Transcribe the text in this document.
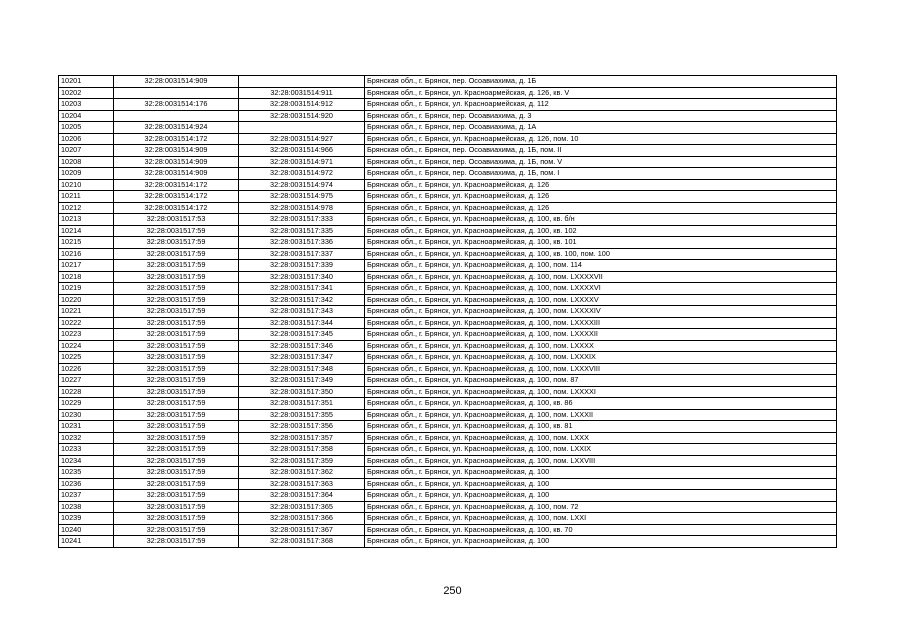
10201	32:28:0031514:909		Брянская обл., г. Брянск, пер. Осоавиахима, д. 1Б
10202		32:28:0031514:911	Брянская обл., г. Брянск, ул. Красноармейская, д. 126, кв. V
10203	32:28:0031514:176	32:28:0031514:912	Брянская обл., г. Брянск, ул. Красноармейская, д. 112
10204		32:28:0031514:920	Брянская обл., г. Брянск, пер. Осоавиахима, д. 3
10205	32:28:0031514:924		Брянская обл., г. Брянск, пер. Осоавиахима, д. 1А
10206	32:28:0031514:172	32:28:0031514:927	Брянская обл., г. Брянск, ул. Красноармейская, д. 126, пом. 10
10207	32:28:0031514:909	32:28:0031514:966	Брянская обл., г. Брянск, пер. Осоавиахима, д. 1Б, пом. II
10208	32:28:0031514:909	32:28:0031514:971	Брянская обл., г. Брянск, пер. Осоавиахима, д. 1Б, пом. V
10209	32:28:0031514:909	32:28:0031514:972	Брянская обл., г. Брянск, пер. Осоавиахима, д. 1Б, пом. I
10210	32:28:0031514:172	32:28:0031514:974	Брянская обл., г. Брянск, ул. Красноармейская, д. 126
10211	32:28:0031514:172	32:28:0031514:975	Брянская обл., г. Брянск, ул. Красноармейская, д. 126
10212	32:28:0031514:172	32:28:0031514:978	Брянская обл., г. Брянск, ул. Красноармейская, д. 126
10213	32:28:0031517:53	32:28:0031517:333	Брянская обл., г. Брянск, ул. Красноармейская, д. 100, кв. б/н
10214	32:28:0031517:59	32:28:0031517:335	Брянская обл., г. Брянск, ул. Красноармейская, д. 100, кв. 102
10215	32:28:0031517:59	32:28:0031517:336	Брянская обл., г. Брянск, ул. Красноармейская, д. 100, кв. 101
10216	32:28:0031517:59	32:28:0031517:337	Брянская обл., г. Брянск, ул. Красноармейская, д. 100, кв. 100, пом. 100
10217	32:28:0031517:59	32:28:0031517:339	Брянская обл., г. Брянск, ул. Красноармейская, д. 100, пом. 114
10218	32:28:0031517:59	32:28:0031517:340	Брянская обл., г. Брянск, ул. Красноармейская, д. 100, пом. LXXXXVII
10219	32:28:0031517:59	32:28:0031517:341	Брянская обл., г. Брянск, ул. Красноармейская, д. 100, пом. LXXXXVI
10220	32:28:0031517:59	32:28:0031517:342	Брянская обл., г. Брянск, ул. Красноармейская, д. 100, пом. LXXXXV
10221	32:28:0031517:59	32:28:0031517:343	Брянская обл., г. Брянск, ул. Красноармейская, д. 100, пом. LXXXXIV
10222	32:28:0031517:59	32:28:0031517:344	Брянская обл., г. Брянск, ул. Красноармейская, д. 100, пом. LXXXXIII
10223	32:28:0031517:59	32:28:0031517:345	Брянская обл., г. Брянск, ул. Красноармейская, д. 100, пом. LXXXXII
10224	32:28:0031517:59	32:28:0031517:346	Брянская обл., г. Брянск, ул. Красноармейская, д. 100, пом. LXXXX
10225	32:28:0031517:59	32:28:0031517:347	Брянская обл., г. Брянск, ул. Красноармейская, д. 100, пом. LXXXIX
10226	32:28:0031517:59	32:28:0031517:348	Брянская обл., г. Брянск, ул. Красноармейская, д. 100, пом. LXXXVIII
10227	32:28:0031517:59	32:28:0031517:349	Брянская обл., г. Брянск, ул. Красноармейская, д. 100, пом. 87
10228	32:28:0031517:59	32:28:0031517:350	Брянская обл., г. Брянск, ул. Красноармейская, д. 100, пом. LXXXXI
10229	32:28:0031517:59	32:28:0031517:351	Брянская обл., г. Брянск, ул. Красноармейская, д. 100, кв. 86
10230	32:28:0031517:59	32:28:0031517:355	Брянская обл., г. Брянск, ул. Красноармейская, д. 100, пом. LXXXII
10231	32:28:0031517:59	32:28:0031517:356	Брянская обл., г. Брянск, ул. Красноармейская, д. 100, кв. 81
10232	32:28:0031517:59	32:28:0031517:357	Брянская обл., г. Брянск, ул. Красноармейская, д. 100, пом. LXXX
10233	32:28:0031517:59	32:28:0031517:358	Брянская обл., г. Брянск, ул. Красноармейская, д. 100, пом. LXXIX
10234	32:28:0031517:59	32:28:0031517:359	Брянская обл., г. Брянск, ул. Красноармейская, д. 100, пом. LXXVIII
10235	32:28:0031517:59	32:28:0031517:362	Брянская обл., г. Брянск, ул. Красноармейская, д. 100
10236	32:28:0031517:59	32:28:0031517:363	Брянская обл., г. Брянск, ул. Красноармейская, д. 100
10237	32:28:0031517:59	32:28:0031517:364	Брянская обл., г. Брянск, ул. Красноармейская, д. 100
10238	32:28:0031517:59	32:28:0031517:365	Брянская обл., г. Брянск, ул. Красноармейская, д. 100, пом. 72
10239	32:28:0031517:59	32:28:0031517:366	Брянская обл., г. Брянск, ул. Красноармейская, д. 100, пом. LXXI
10240	32:28:0031517:59	32:28:0031517:367	Брянская обл., г. Брянск, ул. Красноармейская, д. 100, кв. 70
10241	32:28:0031517:59	32:28:0031517:368	Брянская обл., г. Брянск, ул. Красноармейская, д. 100
250
